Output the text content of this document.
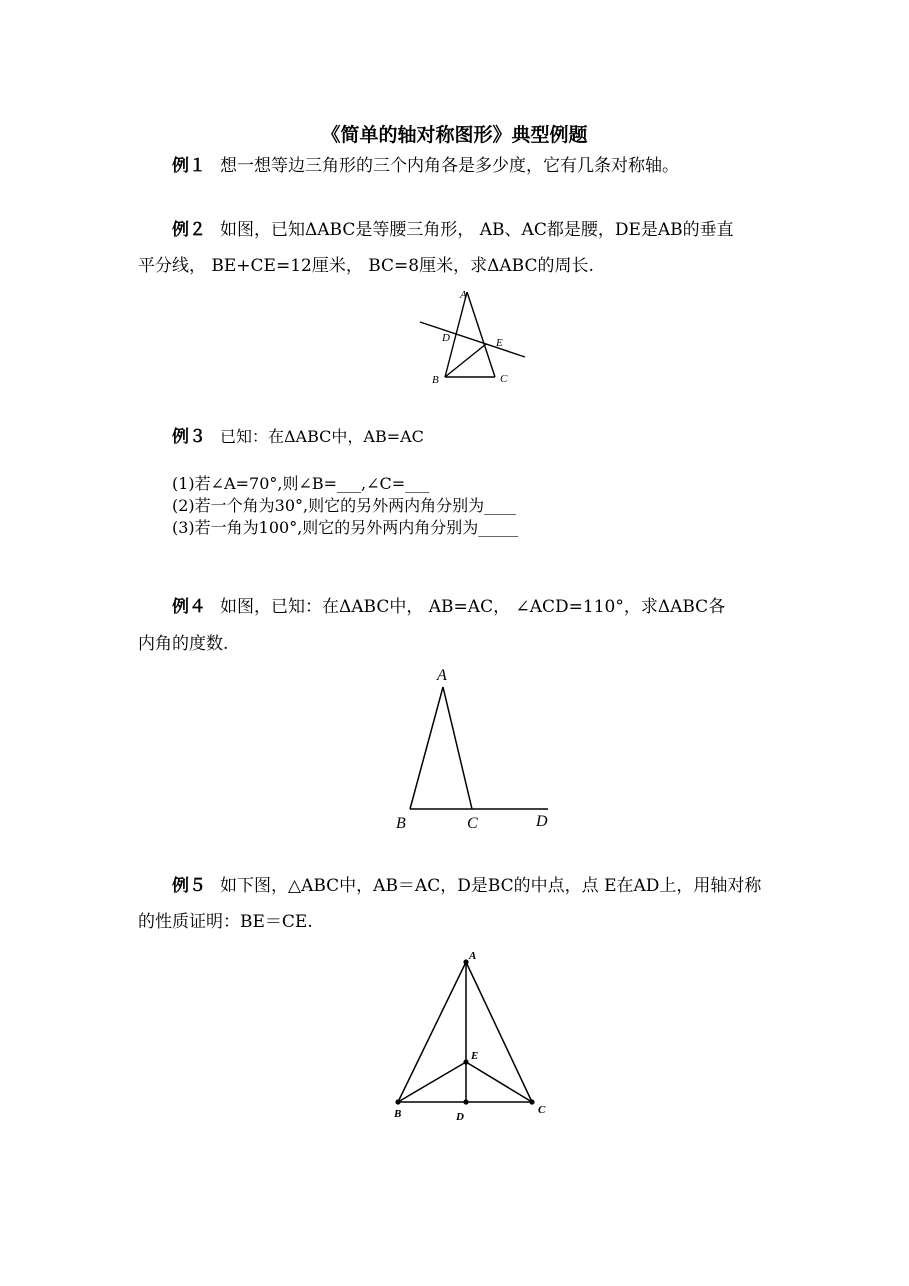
《简单的轴对称图形》典型例题
例１ 想一想等边三角形的三个内角各是多少度，它有几条对称轴。
例２ 如图，已知ΔABC是等腰三角形， AB、AC都是腰，DE是AB的垂直
平分线， BE+CE=12厘米， BC=8厘米，求ΔABC的周长.
A
D	E
B	C
例３ 已知：在ΔABC中，AB=AC
(1)若∠A=70°,则∠B=___,∠C=___
(2)若一个角为30°,则它的另外两内角分别为____
(3)若一角为100°,则它的另外两内角分别为_____
例４ 如图，已知：在ΔABC中， AB=AC， ∠ACD=110°，求ΔABC各
内角的度数.
A
B	C	D
例５ 如下图，△ABC中，AB＝AC，D是BC的中点，点 E在AD上，用轴对称
的性质证明：BE＝CE.
A
E
B	D
C
